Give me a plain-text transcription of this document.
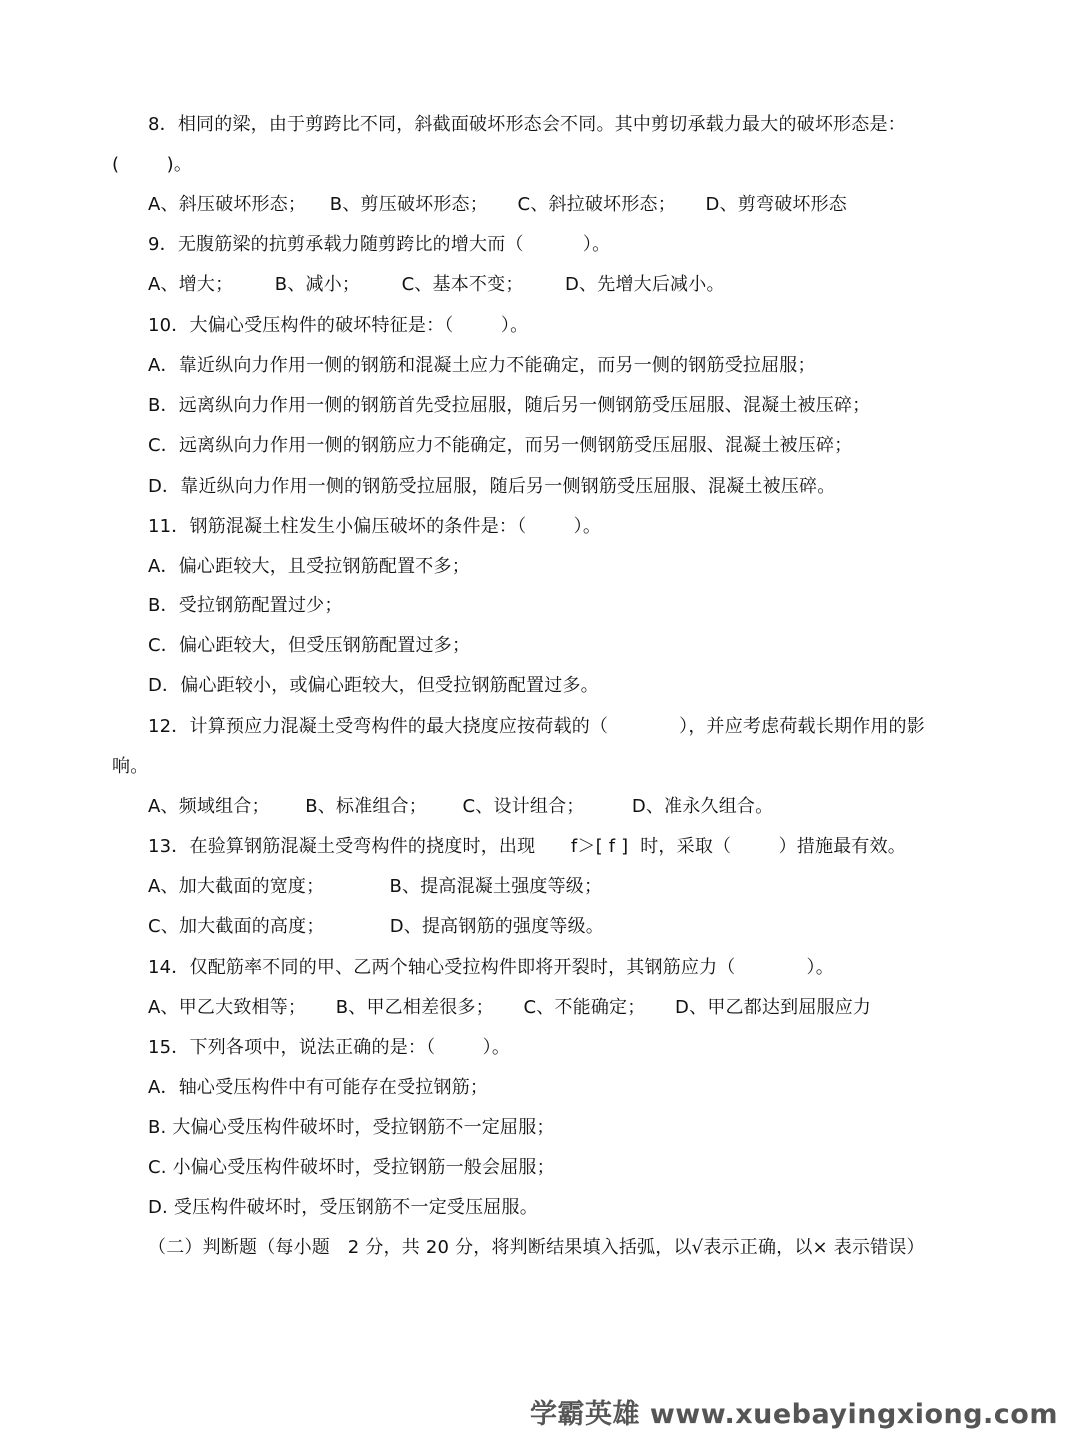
8．相同的梁，由于剪跨比不同，斜截面破坏形态会不同。其中剪切承载力最大的破坏形态是：
(        )。
A、斜压破坏形态；    B、剪压破坏形态；     C、斜拉破坏形态；     D、剪弯破坏形态
9．无腹筋梁的抗剪承载力随剪跨比的增大而（          ）。
A、增大；       B、减小；       C、基本不变；       D、先增大后减小。
10．大偏心受压构件的破坏特征是：（        ）。
A．靠近纵向力作用一侧的钢筋和混凝土应力不能确定，而另一侧的钢筋受拉屈服；
B．远离纵向力作用一侧的钢筋首先受拉屈服，随后另一侧钢筋受压屈服、混凝土被压碎；
C．远离纵向力作用一侧的钢筋应力不能确定，而另一侧钢筋受压屈服、混凝土被压碎；
D．靠近纵向力作用一侧的钢筋受拉屈服，随后另一侧钢筋受压屈服、混凝土被压碎。
11．钢筋混凝土柱发生小偏压破坏的条件是：（        ）。
A．偏心距较大，且受拉钢筋配置不多；
B．受拉钢筋配置过少；
C．偏心距较大，但受压钢筋配置过多；
D．偏心距较小，或偏心距较大，但受拉钢筋配置过多。
12．计算预应力混凝土受弯构件的最大挠度应按荷载的（            ），并应考虑荷载长期作用的影
响。
A、频域组合；      B、标准组合；      C、设计组合；        D、准永久组合。
13．在验算钢筋混凝土受弯构件的挠度时，出现      f＞[ f ]  时，采取（        ）措施最有效。
A、加大截面的宽度；           B、提高混凝土强度等级；
C、加大截面的高度；           D、提高钢筋的强度等级。
14．仅配筋率不同的甲、乙两个轴心受拉构件即将开裂时，其钢筋应力（            ）。
A、甲乙大致相等；     B、甲乙相差很多；     C、不能确定；     D、甲乙都达到屈服应力
15．下列各项中，说法正确的是：（        ）。
A．轴心受压构件中有可能存在受拉钢筋；
B. 大偏心受压构件破坏时，受拉钢筋不一定屈服；
C. 小偏心受压构件破坏时，受拉钢筋一般会屈服；
D. 受压构件破坏时，受压钢筋不一定受压屈服。
（二）判断题（每小题   2 分，共 20 分，将判断结果填入括弧，以√表示正确，以× 表示错误）
学霸英雄 www.xuebayingxiong.com
